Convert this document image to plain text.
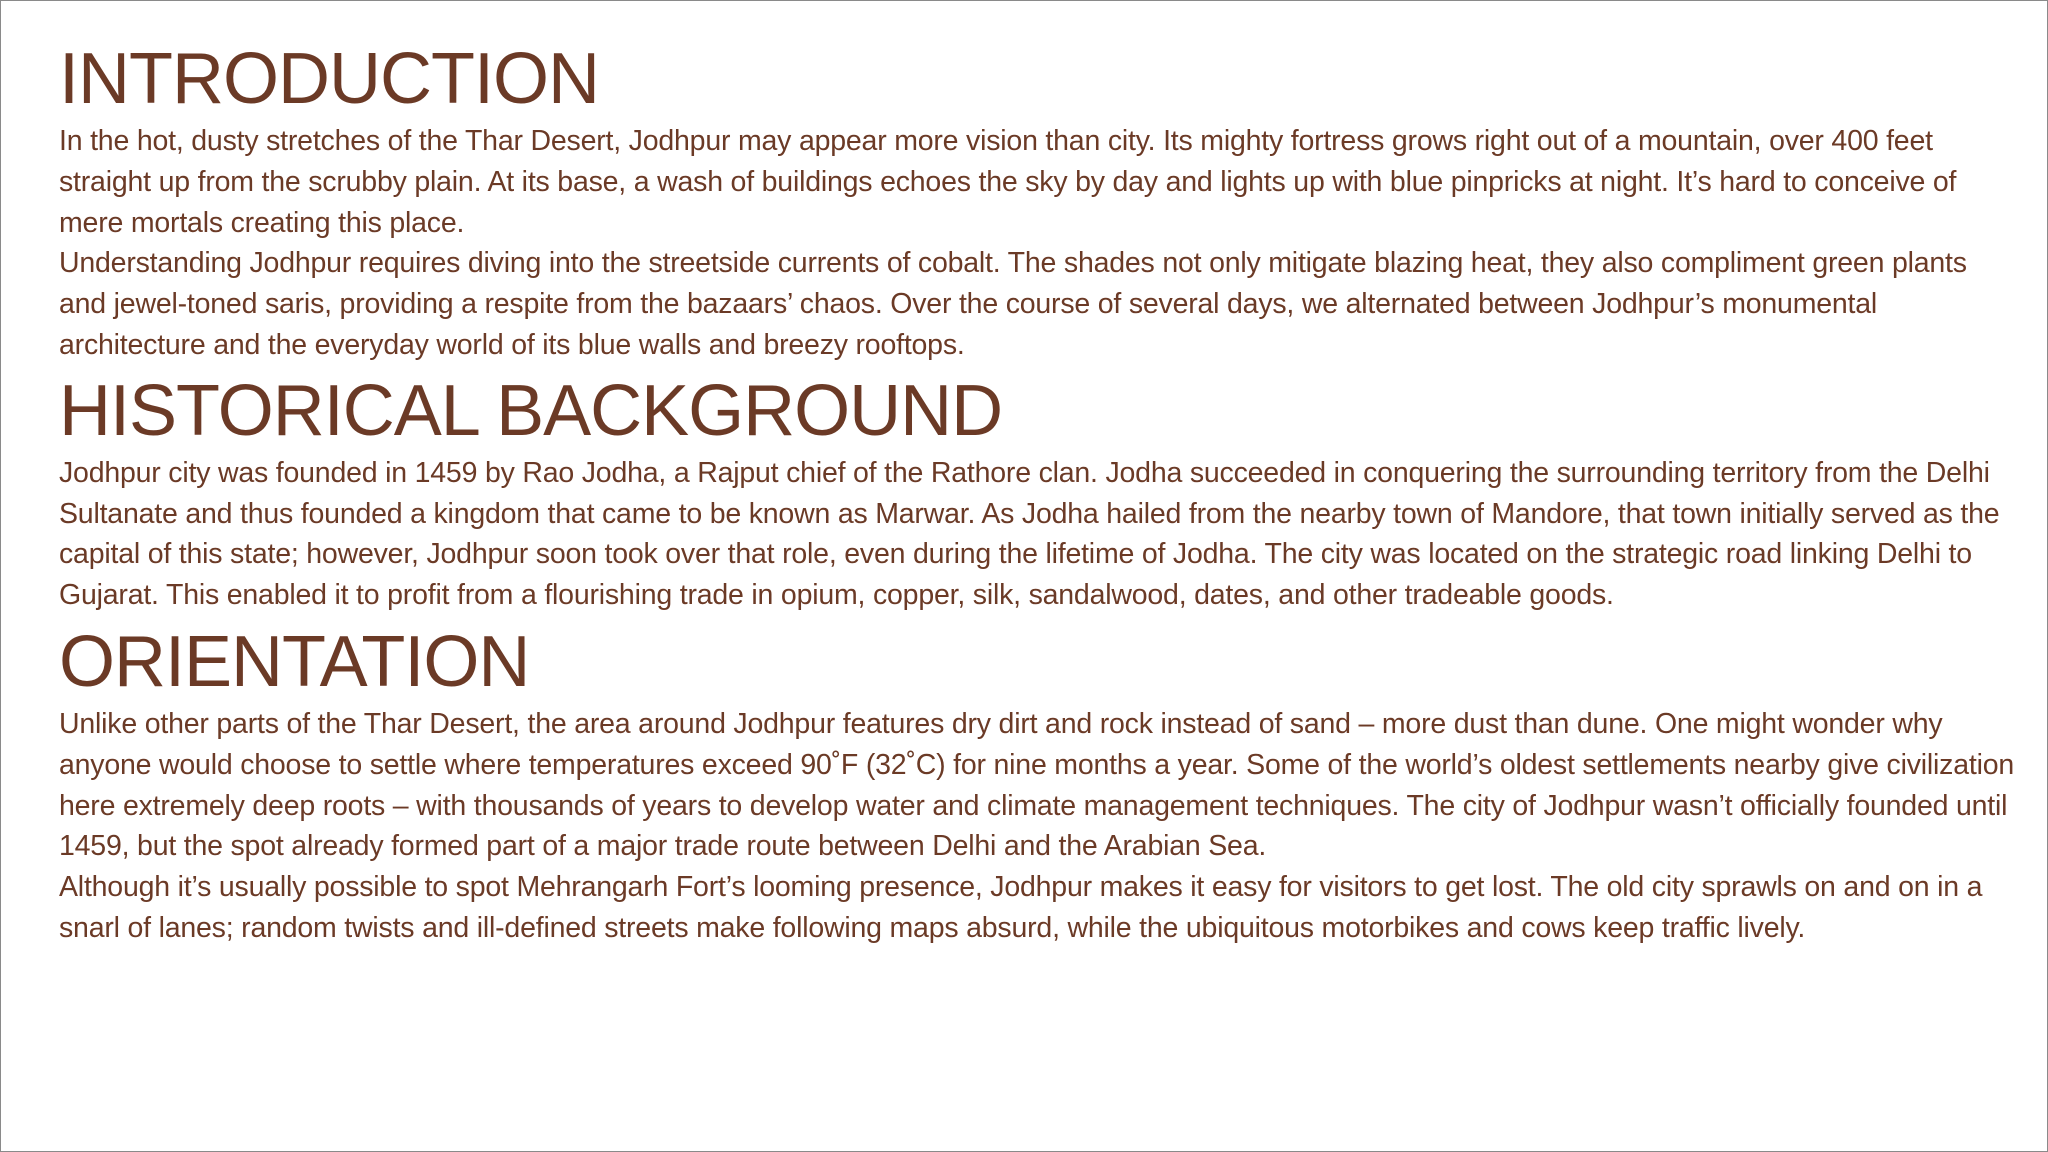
INTRODUCTION

In the hot, dusty stretches of the Thar Desert, Jodhpur may appear more vision than city. Its mighty fortress grows right out of a mountain, over 400 feet straight up from the scrubby plain. At its base, a wash of buildings echoes the sky by day and lights up with blue pinpricks at night. It’s hard to conceive of mere mortals creating this place.

Understanding Jodhpur requires diving into the streetside currents of cobalt. The shades not only mitigate blazing heat, they also compliment green plants and jewel-toned saris, providing a respite from the bazaars’ chaos. Over the course of several days, we alternated between Jodhpur’s monumental architecture and the everyday world of its blue walls and breezy rooftops.

HISTORICAL BACKGROUND

Jodhpur city was founded in 1459 by Rao Jodha, a Rajput chief of the Rathore clan. Jodha succeeded in conquering the surrounding territory from the Delhi Sultanate and thus founded a kingdom that came to be known as Marwar. As Jodha hailed from the nearby town of Mandore, that town initially served as the capital of this state; however, Jodhpur soon took over that role, even during the lifetime of Jodha. The city was located on the strategic road linking Delhi to Gujarat. This enabled it to profit from a flourishing trade in opium, copper, silk, sandalwood, dates, and other tradeable goods.

ORIENTATION

Unlike other parts of the Thar Desert, the area around Jodhpur features dry dirt and rock instead of sand – more dust than dune. One might wonder why anyone would choose to settle where temperatures exceed 90˚F (32˚C) for nine months a year. Some of the world’s oldest settlements nearby give civilization here extremely deep roots – with thousands of years to develop water and climate management techniques. The city of Jodhpur wasn’t officially founded until 1459, but the spot already formed part of a major trade route between Delhi and the Arabian Sea.

Although it’s usually possible to spot Mehrangarh Fort’s looming presence, Jodhpur makes it easy for visitors to get lost. The old city sprawls on and on in a snarl of lanes; random twists and ill-defined streets make following maps absurd, while the ubiquitous motorbikes and cows keep traffic lively.
